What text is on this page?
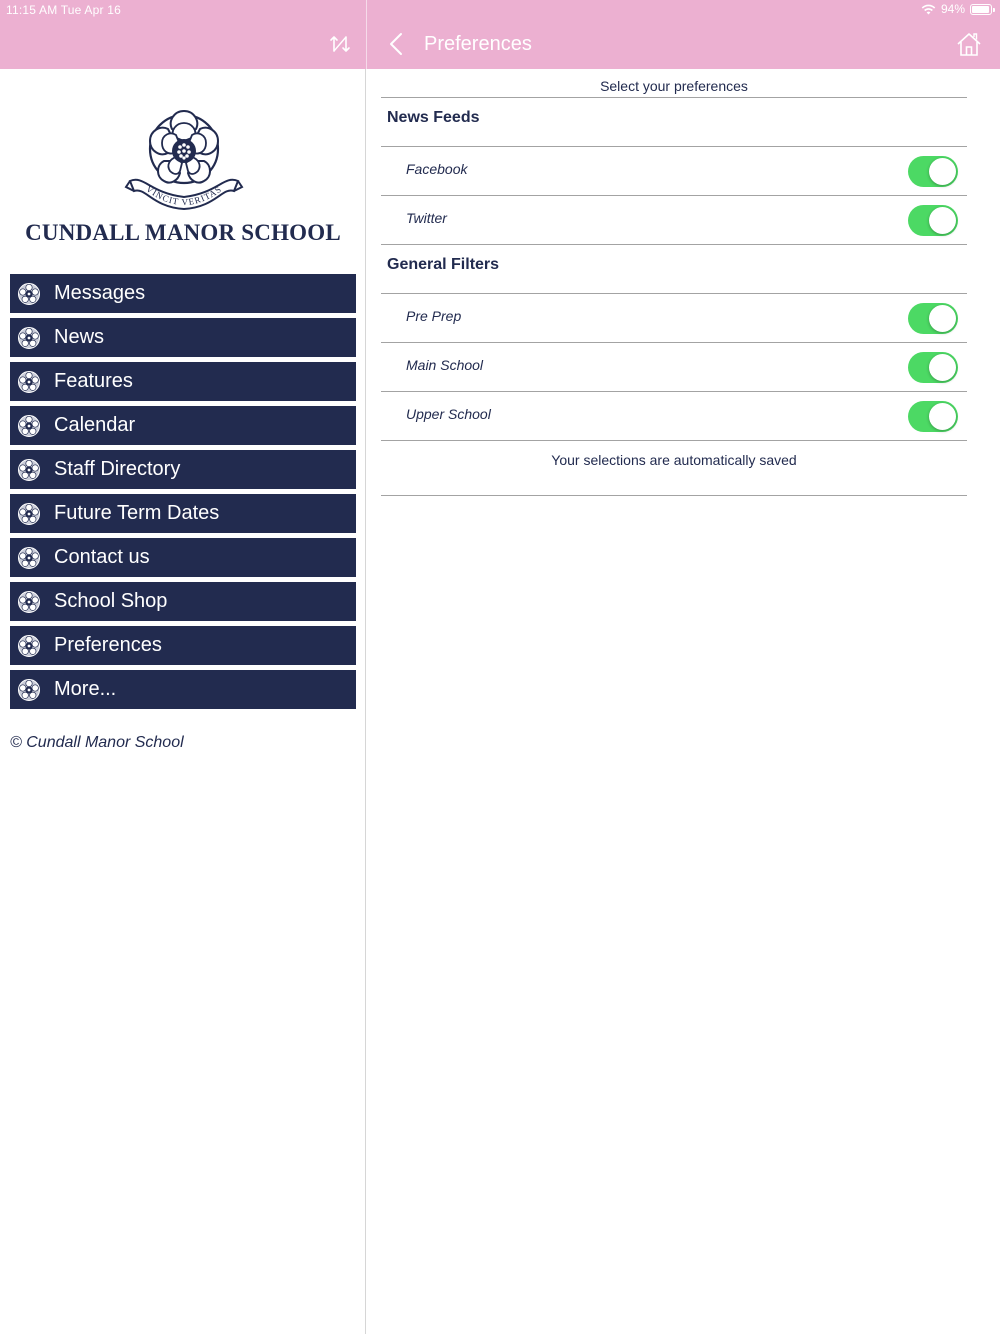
11:15 AM Tue Apr 16	94%
Preferences
VINCIT VERITAS
CUNDALL MANOR SCHOOL
Messages
News
Features
Calendar
Staff Directory
Future Term Dates
Contact us
School Shop
Preferences
More...
© Cundall Manor School
Select your preferences
News Feeds
Facebook
Twitter
General Filters
Pre Prep
Main School
Upper School
Your selections are automatically saved
